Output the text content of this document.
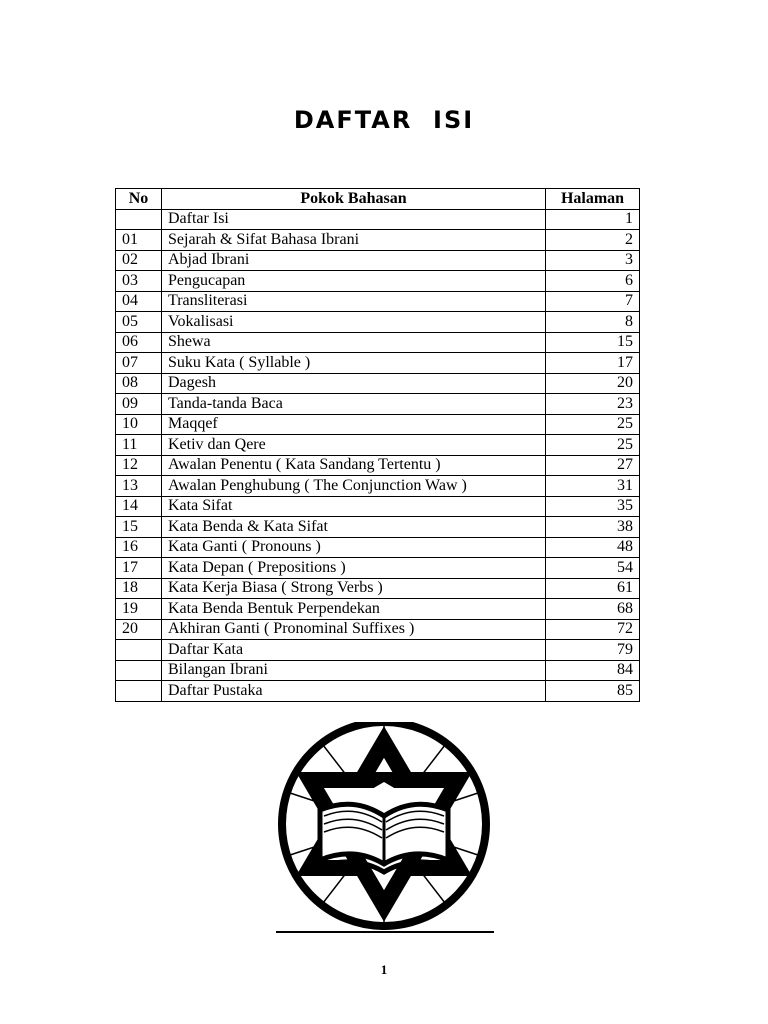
DAFTAR  ISI
No	Pokok Bahasan	Halaman
	Daftar Isi	1
01	Sejarah & Sifat Bahasa Ibrani	2
02	Abjad Ibrani	3
03	Pengucapan	6
04	Transliterasi	7
05	Vokalisasi	8
06	Shewa	15
07	Suku Kata ( Syllable )	17
08	Dagesh	20
09	Tanda-tanda Baca	23
10	Maqqef	25
11	Ketiv dan Qere	25
12	Awalan Penentu ( Kata Sandang Tertentu )	27
13	Awalan Penghubung ( The Conjunction Waw )	31
14	Kata Sifat	35
15	Kata Benda & Kata Sifat	38
16	Kata Ganti ( Pronouns )	48
17	Kata Depan ( Prepositions )	54
18	Kata Kerja Biasa ( Strong Verbs )	61
19	Kata Benda Bentuk Perpendekan	68
20	Akhiran Ganti ( Pronominal Suffixes )	72
	Daftar Kata	79
	Bilangan Ibrani	84
	Daftar Pustaka	85
1
